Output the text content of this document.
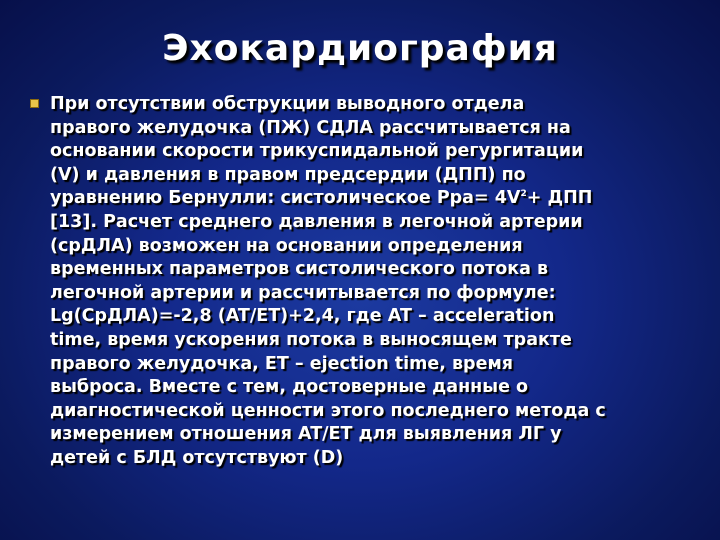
Эхокардиография
При отсутствии обструкции выводного отдела
правого желудочка (ПЖ) СДЛА рассчитывается на
основании скорости трикуспидальной регургитации
(V) и давления в правом предсердии (ДПП) по
уравнению Бернулли: систолическое $Ppa= 4V^2+$ ДПП
[13]. Расчет среднего давления в легочной артерии
(срДЛА) возможен на основании определения
временных параметров систолического потока в
легочной артерии и рассчитывается по формуле:
Lg(СрДЛА)=-2,8 (AT/ET)+2,4, где AT – acceleration
time, время ускорения потока в выносящем тракте
правого желудочка, ET – ejection time, время
выброса. Вместе с тем, достоверные данные о
диагностической ценности этого последнего метода с
измерением отношения AT/ET для выявления ЛГ у
детей с БЛД отсутствуют (D)
